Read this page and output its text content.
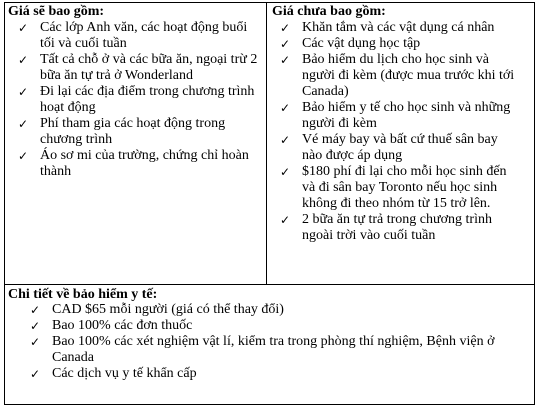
Giá sẽ bao gồm:
✓ Các lớp Anh văn, các hoạt động buổi tối và cuối tuần
✓ Tất cả chỗ ở và các bữa ăn, ngoại trừ 2 bữa ăn tự trả ở Wonderland
✓ Đi lại các địa điểm trong chương trình hoạt động
✓ Phí tham gia các hoạt động trong chương trình
✓ Áo sơ mi của trường, chứng chỉ hoàn thành
Giá chưa bao gồm:
✓ Khăn tắm và các vật dụng cá nhân
✓ Các vật dụng học tập
✓ Bảo hiểm du lịch cho học sinh và người đi kèm (được mua trước khi tới Canada)
✓ Bảo hiểm y tế cho học sinh và những người đi kèm
✓ Vé máy bay và bất cứ thuế sân bay nào được áp dụng
✓ $180 phí đi lại cho mỗi học sinh đến và đi sân bay Toronto nếu học sinh không đi theo nhóm từ 15 trở lên.
✓ 2 bữa ăn tự trả trong chương trình ngoài trời vào cuối tuần
Chi tiết về bảo hiểm y tế:
✓ CAD $65 mỗi người (giá có thể thay đổi)
✓ Bao 100% các đơn thuốc
✓ Bao 100% các xét nghiệm vật lí, kiểm tra trong phòng thí nghiệm, Bệnh viện ở Canada
✓ Các dịch vụ y tế khẩn cấp
